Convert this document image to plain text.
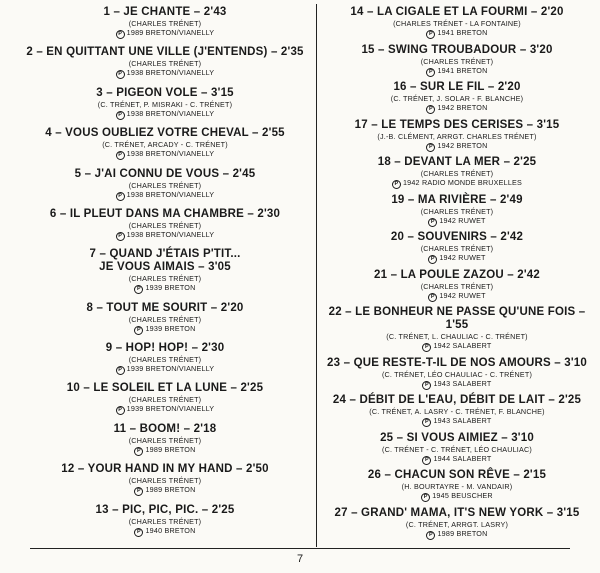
1 – JE CHANTE – 2'43
(CHARLES TRÉNET)
P 1989 BRETON/VIANELLY
2 – EN QUITTANT UNE VILLE (J'ENTENDS) – 2'35
(CHARLES TRÉNET)
P 1938 BRETON/VIANELLY
3 – PIGEON VOLE – 3'15
(C. TRÉNET, P. MISRAKI - C. TRÉNET)
P 1938 BRETON/VIANELLY
4 – VOUS OUBLIEZ VOTRE CHEVAL – 2'55
(C. TRÉNET, ARCADY - C. TRÉNET)
P 1938 BRETON/VIANELLY
5 – J'AI CONNU DE VOUS – 2'45
(CHARLES TRÉNET)
P 1938 BRETON/VIANELLY
6 – IL PLEUT DANS MA CHAMBRE – 2'30
(CHARLES TRÉNET)
P 1938 BRETON/VIANELLY
7 – QUAND J'ÉTAIS P'TIT...
JE VOUS AIMAIS – 3'05
(CHARLES TRÉNET)
P 1939 BRETON
8 – TOUT ME SOURIT – 2'20
(CHARLES TRÉNET)
P 1939 BRETON
9 – HOP! HOP! – 2'30
(CHARLES TRÉNET)
P 1939 BRETON/VIANELLY
10 – LE SOLEIL ET LA LUNE – 2'25
(CHARLES TRÉNET)
P 1939 BRETON/VIANELLY
11 – BOOM! – 2'18
(CHARLES TRÉNET)
P 1989 BRETON
12 – YOUR HAND IN MY HAND – 2'50
(CHARLES TRÉNET)
P 1989 BRETON
13 – PIC, PIC, PIC. – 2'25
(CHARLES TRÉNET)
P 1940 BRETON
14 – LA CIGALE ET LA FOURMI – 2'20
(CHARLES TRÉNET - LA FONTAINE)
P 1941 BRETON
15 – SWING TROUBADOUR – 3'20
(CHARLES TRÉNET)
P 1941 BRETON
16 – SUR LE FIL – 2'20
(C. TRÉNET, J. SOLAR - F. BLANCHE)
P 1942 BRETON
17 – LE TEMPS DES CERISES – 3'15
(J.-B. CLÉMENT, ARRGT. CHARLES TRÉNET)
P 1942 BRETON
18 – DEVANT LA MER – 2'25
(CHARLES TRÉNET)
P 1942 RADIO MONDE BRUXELLES
19 – MA RIVIÈRE – 2'49
(CHARLES TRÉNET)
P 1942 RUWET
20 – SOUVENIRS – 2'42
(CHARLES TRÉNET)
P 1942 RUWET
21 – LA POULE ZAZOU – 2'42
(CHARLES TRÉNET)
P 1942 RUWET
22 – LE BONHEUR NE PASSE QU'UNE FOIS – 1'55
(C. TRÉNET, L. CHAULIAC - C. TRÉNET)
P 1942 SALABERT
23 – QUE RESTE-T-IL DE NOS AMOURS – 3'10
(C. TRÉNET, LÉO CHAULIAC - C. TRÉNET)
P 1943 SALABERT
24 – DÉBIT DE L'EAU, DÉBIT DE LAIT – 2'25
(C. TRÉNET, A. LASRY - C. TRÉNET, F. BLANCHE)
P 1943 SALABERT
25 – SI VOUS AIMIEZ – 3'10
(C. TRÉNET - C. TRÉNET, LÉO CHAULIAC)
P 1944 SALABERT
26 – CHACUN SON RÊVE – 2'15
(H. BOURTAYRE - M. VANDAIR)
P 1945 BEUSCHER
27 – GRAND' MAMA, IT'S NEW YORK – 3'15
(C. TRÉNET, ARRGT. LASRY)
P 1989 BRETON
7
